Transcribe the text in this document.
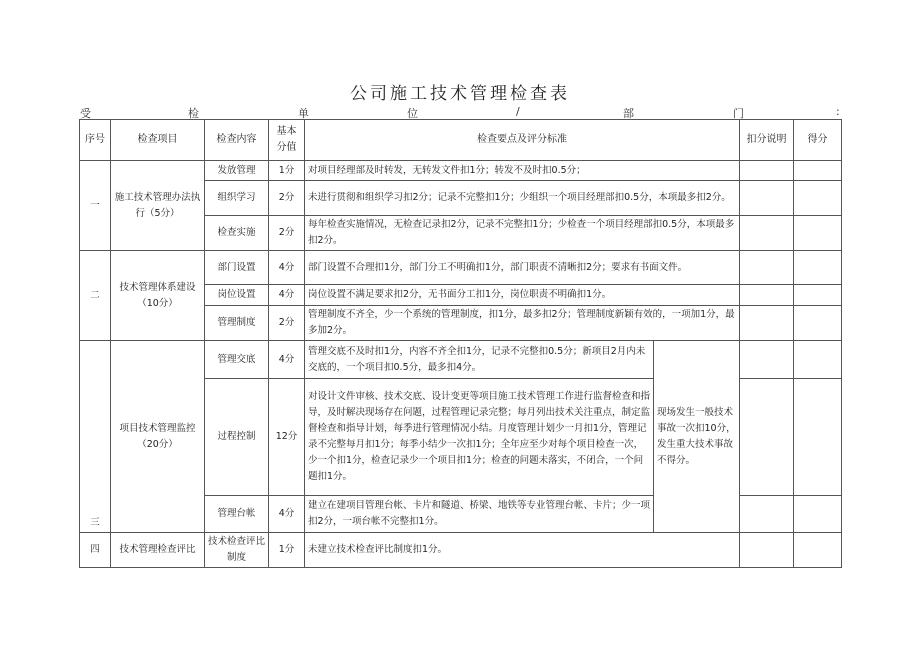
公司施工技术管理检查表
受	检	单	位	/	部	门	:
序号	检查项目	检查内容	基本分值	检查要点及评分标准		扣分说明	得分
一	施工技术管理办法执行（5分）	发放管理	1分	对项目经理部及时转发，无转发文件扣1分；转发不及时扣0.5分；			
		组织学习	2分	未进行贯彻和组织学习扣2分；记录不完整扣1分；少组织一个项目经理部扣0.5分，本项最多扣2分。			
		检查实施	2分	每年检查实施情况，无检查记录扣2分，记录不完整扣1分；少检查一个项目经理部扣0.5分，本项最多扣2分。			
二	技术管理体系建设（10分）	部门设置	4分	部门设置不合理扣1分，部门分工不明确扣1分，部门职责不清晰扣2分；要求有书面文件。			
		岗位设置	4分	岗位设置不满足要求扣2分，无书面分工扣1分，岗位职责不明确扣1分。			
		管理制度	2分	管理制度不齐全，少一个系统的管理制度，扣1分，最多扣2分；管理制度新颖有效的，一项加1分，最多加2分。			
三	项目技术管理监控（20分）	管理交底	4分	管理交底不及时扣1分，内容不齐全扣1分，记录不完整扣0.5分；新项目2月内未交底的，一个项目扣0.5分，最多扣4分。	现场发生一般技术事故一次扣10分，发生重大技术事故不得分。		
		过程控制	12分	对设计文件审核、技术交底、设计变更等项目施工技术管理工作进行监督检查和指导，及时解决现场存在问题，过程管理记录完整；每月列出技术关注重点，制定监督检查和指导计划，每季进行管理情况小结。月度管理计划少一月扣1分，管理记录不完整每月扣1分；每季小结少一次扣1分；全年应至少对每个项目检查一次，少一个扣1分，检查记录少一个项目扣1分；检查的问题未落实，不闭合，一个问题扣1分。			
		管理台帐	4分	建立在建项目管理台帐、卡片和隧道、桥梁、地铁等专业管理台帐、卡片；少一项扣2分，一项台帐不完整扣1分。			
四	技术管理检查评比	技术检查评比制度	1分	未建立技术检查评比制度扣1分。			
